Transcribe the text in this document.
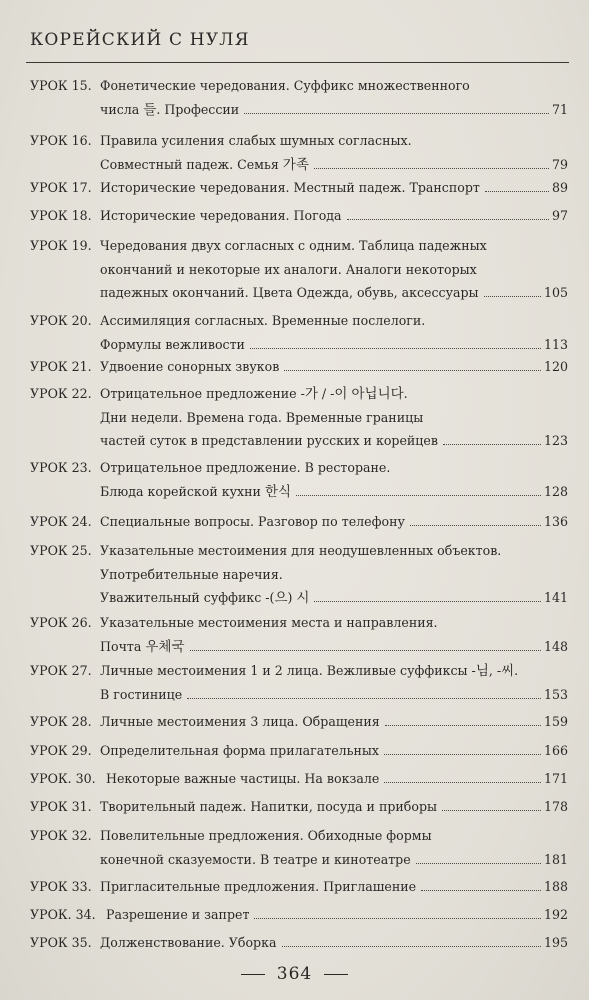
КОРЕЙСКИЙ С НУЛЯ
УРОК 15. Фонетические чередования. Суффикс множественного
числа 들. Профессии	71
УРОК 16. Правила усиления слабых шумных согласных.
Совместный падеж. Семья 가족	79
УРОК 17. Исторические чередования. Местный падеж. Транспорт	89
УРОК 18. Исторические чередования. Погода	97
УРОК 19. Чередования двух согласных с одним. Таблица падежных
окончаний и некоторые их аналоги. Аналоги некоторых
падежных окончаний. Цвета Одежда, обувь, аксессуары	105
УРОК 20. Ассимиляция согласных. Временные послелоги.
Формулы вежливости	113
УРОК 21. Удвоение сонорных звуков	120
УРОК 22. Отрицательное предложение -가 / -이 아닙니다.
Дни недели. Времена года. Временные границы
частей суток в представлении русских и корейцев	123
УРОК 23. Отрицательное предложение. В ресторане.
Блюда корейской кухни 한식	128
УРОК 24. Специальные вопросы. Разговор по телефону	136
УРОК 25. Указательные местоимения для неодушевленных объектов.
Употребительные наречия.
Уважительный суффикс -(으) 시	141
УРОК 26. Указательные местоимения места и направления.
Почта 우체국	148
УРОК 27. Личные местоимения 1 и 2 лица. Вежливые суффиксы -님, -씨.
В гостинице	153
УРОК 28. Личные местоимения 3 лица. Обращения	159
УРОК 29. Определительная форма прилагательных	166
УРОК. 30. Некоторые важные частицы. На вокзале	171
УРОК 31. Творительный падеж. Напитки, посуда и приборы	178
УРОК 32. Повелительные предложения. Обиходные формы
конечной сказуемости. В театре и кинотеатре	181
УРОК 33. Пригласительные предложения. Приглашение	188
УРОК. 34. Разрешение и запрет	192
УРОК 35. Долженствование. Уборка	195
364
